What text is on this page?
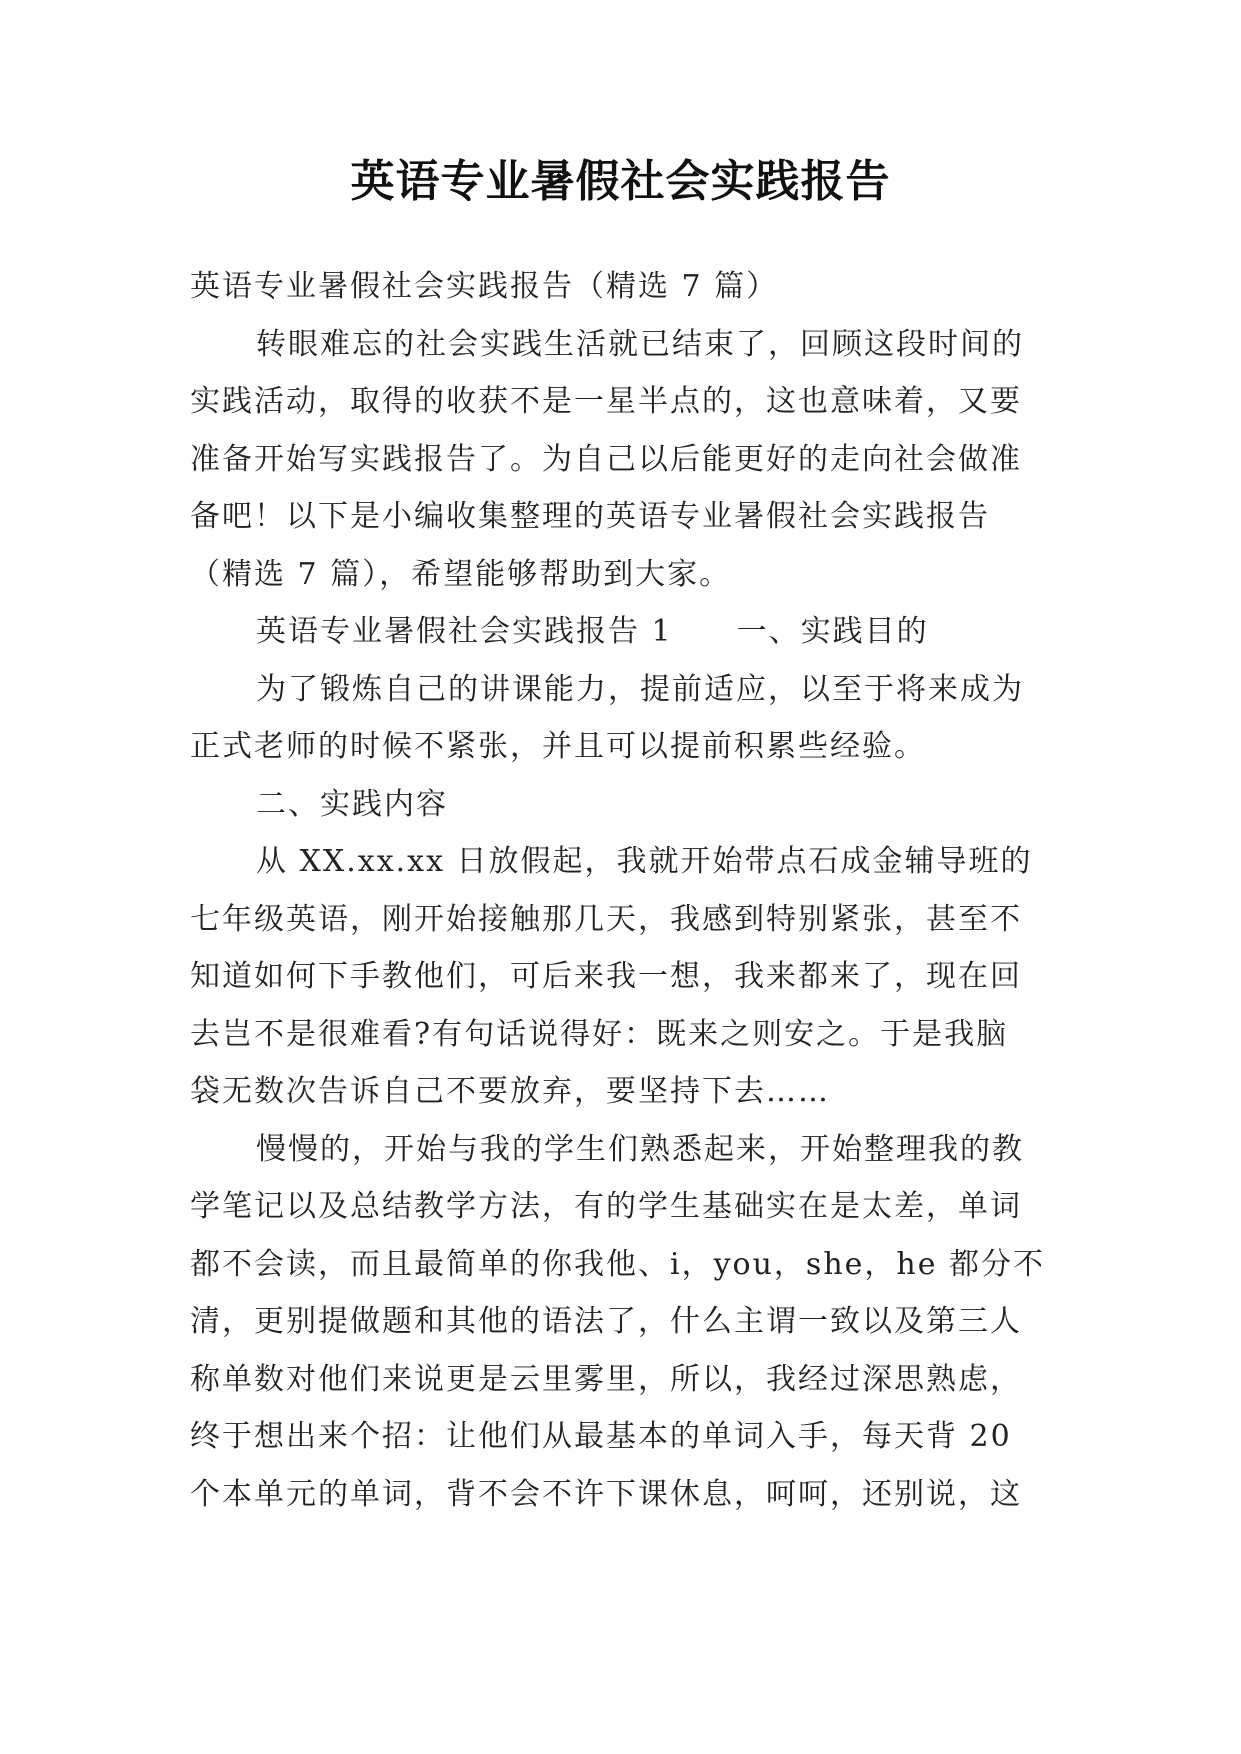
英语专业暑假社会实践报告
英语专业暑假社会实践报告（精选 7 篇）
转眼难忘的社会实践生活就已结束了，回顾这段时间的
实践活动，取得的收获不是一星半点的，这也意味着，又要
准备开始写实践报告了。为自己以后能更好的走向社会做准
备吧！以下是小编收集整理的英语专业暑假社会实践报告
（精选 7 篇），希望能够帮助到大家。
英语专业暑假社会实践报告 1　　一、实践目的
为了锻炼自己的讲课能力，提前适应，以至于将来成为
正式老师的时候不紧张，并且可以提前积累些经验。
二、实践内容
从 XX.xx.xx 日放假起，我就开始带点石成金辅导班的
七年级英语，刚开始接触那几天，我感到特别紧张，甚至不
知道如何下手教他们，可后来我一想，我来都来了，现在回
去岂不是很难看?有句话说得好：既来之则安之。于是我脑
袋无数次告诉自己不要放弃，要坚持下去……
慢慢的，开始与我的学生们熟悉起来，开始整理我的教
学笔记以及总结教学方法，有的学生基础实在是太差，单词
都不会读，而且最简单的你我他、i，you，she，he 都分不
清，更别提做题和其他的语法了，什么主谓一致以及第三人
称单数对他们来说更是云里雾里，所以，我经过深思熟虑，
终于想出来个招：让他们从最基本的单词入手，每天背 20
个本单元的单词，背不会不许下课休息，呵呵，还别说，这
